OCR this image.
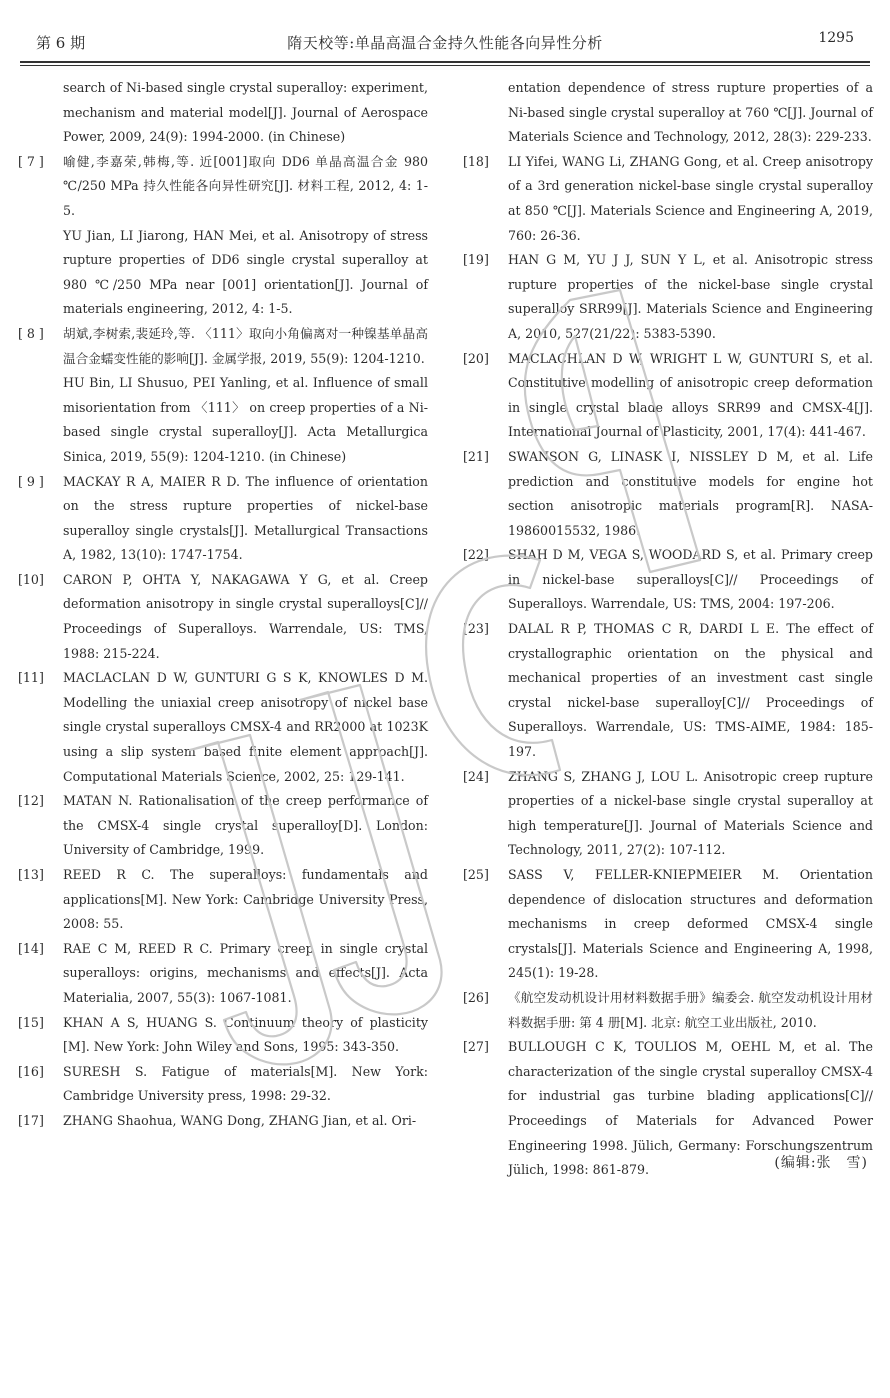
第 6 期	隋天校等:单晶高温合金持久性能各向异性分析	1295
search of Ni-based single crystal superalloy: experiment, mechanism and material model[J]. Journal of Aerospace Power, 2009, 24(9): 1994-2000. (in Chinese)
[ 7 ]	喻健,李嘉荣,韩梅,等. 近[001]取向 DD6 单晶高温合金 980 ℃/250 MPa 持久性能各向异性研究[J]. 材料工程, 2012, 4: 1-5.
YU Jian, LI Jiarong, HAN Mei, et al. Anisotropy of stress rupture properties of DD6 single crystal superalloy at 980 ℃/250 MPa near [001] orientation[J]. Journal of materials engineering, 2012, 4: 1-5.
[ 8 ]	胡斌,李树索,裴延玲,等. 〈111〉取向小角偏离对一种镍基单晶高温合金蠕变性能的影响[J]. 金属学报, 2019, 55(9): 1204-1210.
HU Bin, LI Shusuo, PEI Yanling, et al. Influence of small misorientation from 〈111〉 on creep properties of a Ni-based single crystal superalloy[J]. Acta Metallurgica Sinica, 2019, 55(9): 1204-1210. (in Chinese)
[ 9 ]	MACKAY R A, MAIER R D. The influence of orientation on the stress rupture properties of nickel-base superalloy single crystals[J]. Metallurgical Transactions A, 1982, 13(10): 1747-1754.
[10]	CARON P, OHTA Y, NAKAGAWA Y G, et al. Creep deformation anisotropy in single crystal superalloys[C]// Proceedings of Superalloys. Warrendale, US: TMS, 1988: 215-224.
[11]	MACLACLAN D W, GUNTURI G S K, KNOWLES D M. Modelling the uniaxial creep anisotropy of nickel base single crystal superalloys CMSX-4 and RR2000 at 1023K using a slip system based finite element approach[J]. Computational Materials Science, 2002, 25: 129-141.
[12]	MATAN N. Rationalisation of the creep performance of the CMSX-4 single crystal superalloy[D]. London: University of Cambridge, 1999.
[13]	REED R C. The superalloys: fundamentals and applications[M]. New York: Cambridge University Press, 2008: 55.
[14]	RAE C M, REED R C. Primary creep in single crystal superalloys: origins, mechanisms and effects[J]. Acta Materialia, 2007, 55(3): 1067-1081.
[15]	KHAN A S, HUANG S. Continuum theory of plasticity [M]. New York: John Wiley and Sons, 1995: 343-350.
[16]	SURESH S. Fatigue of materials[M]. New York: Cambridge University press, 1998: 29-32.
[17]	ZHANG Shaohua, WANG Dong, ZHANG Jian, et al. Ori-
entation dependence of stress rupture properties of a Ni-based single crystal superalloy at 760 ℃[J]. Journal of Materials Science and Technology, 2012, 28(3): 229-233.
[18]	LI Yifei, WANG Li, ZHANG Gong, et al. Creep anisotropy of a 3rd generation nickel-base single crystal superalloy at 850 ℃[J]. Materials Science and Engineering A, 2019, 760: 26-36.
[19]	HAN G M, YU J J, SUN Y L, et al. Anisotropic stress rupture properties of the nickel-base single crystal superalloy SRR99[J]. Materials Science and Engineering A, 2010, 527(21/22): 5383-5390.
[20]	MACLACHLAN D W, WRIGHT L W, GUNTURI S, et al. Constitutive modelling of anisotropic creep deformation in single crystal blade alloys SRR99 and CMSX-4[J]. International Journal of Plasticity, 2001, 17(4): 441-467.
[21]	SWANSON G, LINASK I, NISSLEY D M, et al. Life prediction and constitutive models for engine hot section anisotropic materials program[R]. NASA-19860015532, 1986.
[22]	SHAH D M, VEGA S, WOODARD S, et al. Primary creep in nickel-base superalloys[C]// Proceedings of Superalloys. Warrendale, US: TMS, 2004: 197-206.
[23]	DALAL R P, THOMAS C R, DARDI L E. The effect of crystallographic orientation on the physical and mechanical properties of an investment cast single crystal nickel-base superalloy[C]// Proceedings of Superalloys. Warrendale, US: TMS-AIME, 1984: 185-197.
[24]	ZHANG S, ZHANG J, LOU L. Anisotropic creep rupture properties of a nickel-base single crystal superalloy at high temperature[J]. Journal of Materials Science and Technology, 2011, 27(2): 107-112.
[25]	SASS V, FELLER-KNIEPMEIER M. Orientation dependence of dislocation structures and deformation mechanisms in creep deformed CMSX-4 single crystals[J]. Materials Science and Engineering A, 1998, 245(1): 19-28.
[26]	《航空发动机设计用材料数据手册》编委会. 航空发动机设计用材料数据手册: 第 4 册[M]. 北京: 航空工业出版社, 2010.
[27]	BULLOUGH C K, TOULIOS M, OEHL M, et al. The characterization of the single crystal superalloy CMSX-4 for industrial gas turbine blading applications[C]// Proceedings of Materials for Advanced Power Engineering 1998. Jülich, Germany: Forschungszentrum Jülich, 1998: 861-879.	(编辑:张　雪)
